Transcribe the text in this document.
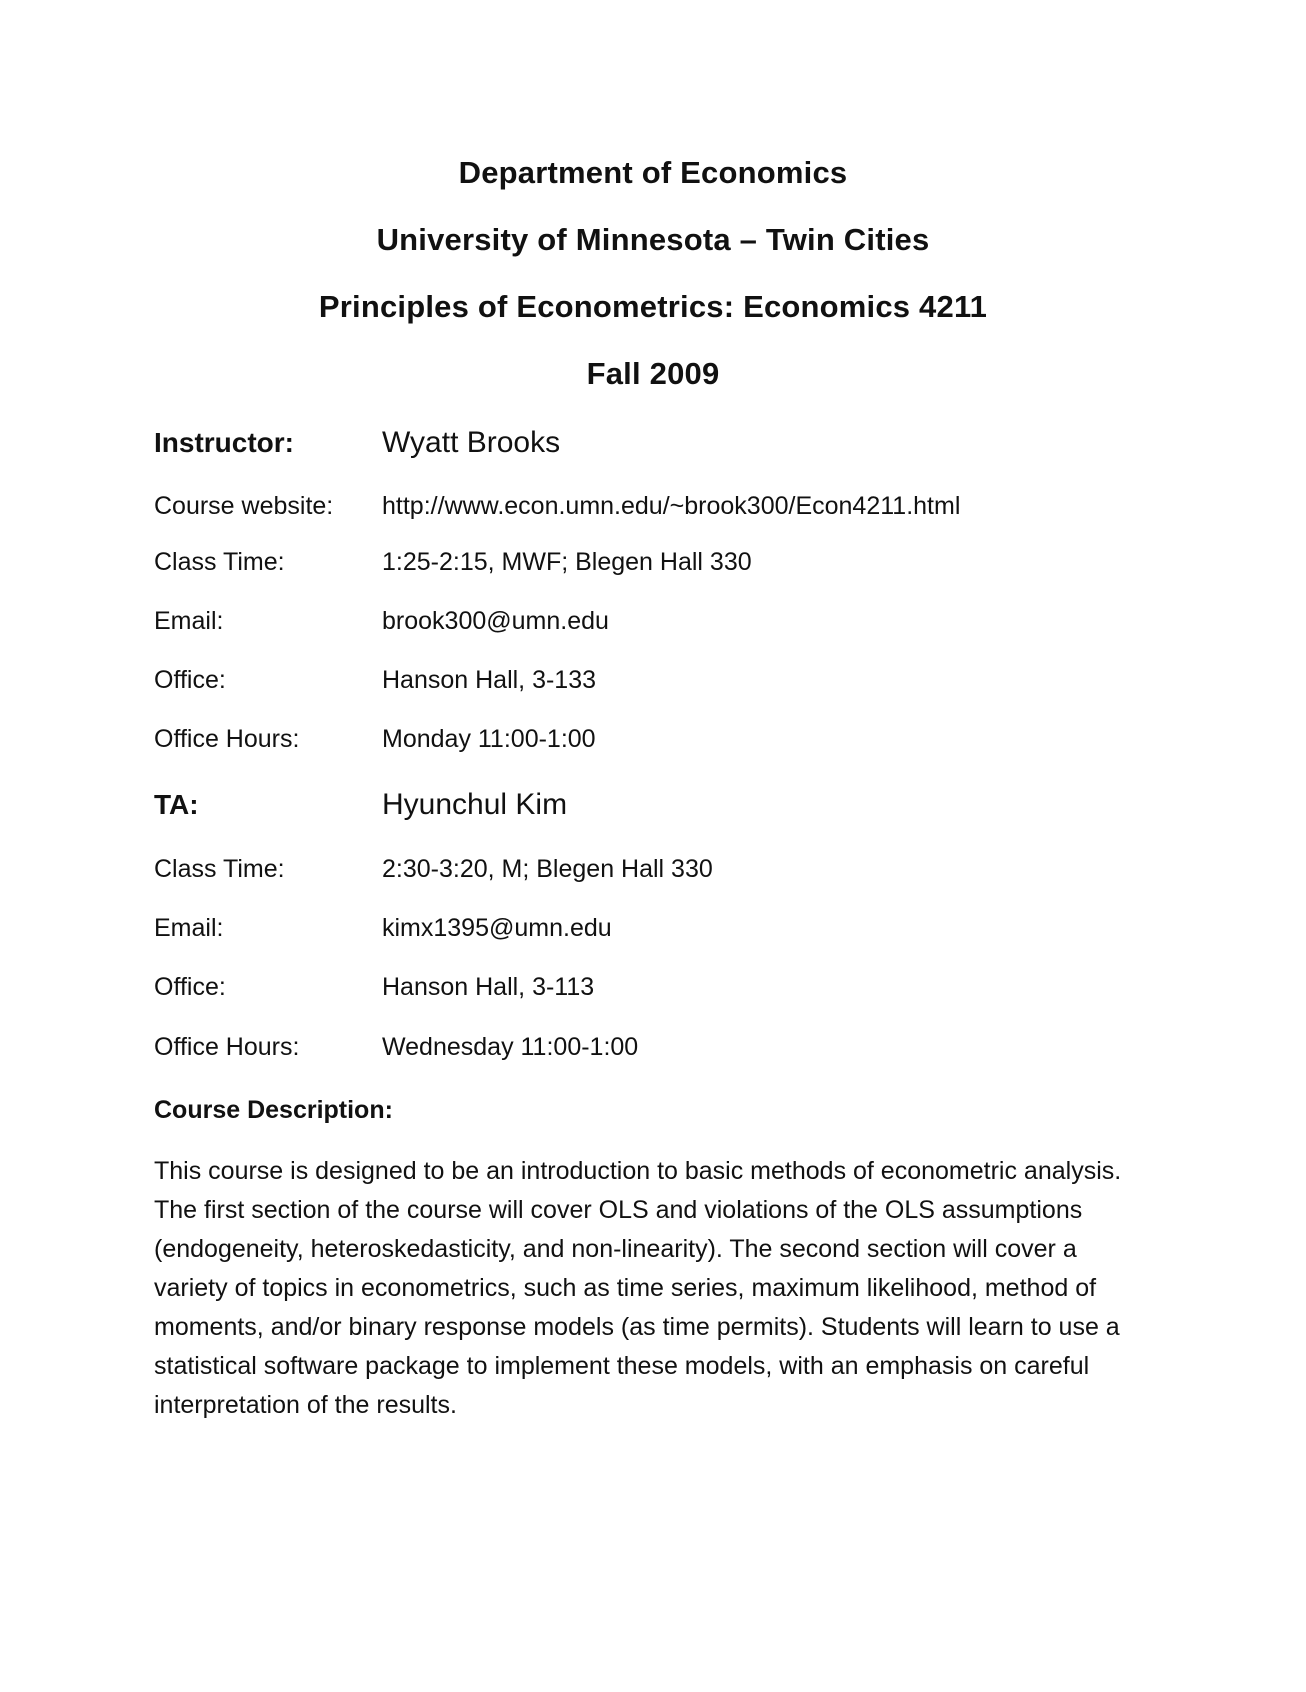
Department of Economics
University of Minnesota – Twin Cities
Principles of Econometrics: Economics 4211
Fall 2009
Instructor:	Wyatt Brooks
Course website: http://www.econ.umn.edu/~brook300/Econ4211.html
Class Time:	1:25-2:15, MWF; Blegen Hall 330
Email:	brook300@umn.edu
Office:	Hanson Hall, 3-133
Office Hours:	Monday 11:00-1:00
TA:	Hyunchul Kim
Class Time:	2:30-3:20, M; Blegen Hall 330
Email:	kimx1395@umn.edu
Office:	Hanson Hall, 3-113
Office Hours:	Wednesday 11:00-1:00
Course Description:
This course is designed to be an introduction to basic methods of econometric analysis.
The first section of the course will cover OLS and violations of the OLS assumptions
(endogeneity, heteroskedasticity, and non-linearity). The second section will cover a
variety of topics in econometrics, such as time series, maximum likelihood, method of
moments, and/or binary response models (as time permits). Students will learn to use a
statistical software package to implement these models, with an emphasis on careful
interpretation of the results.
